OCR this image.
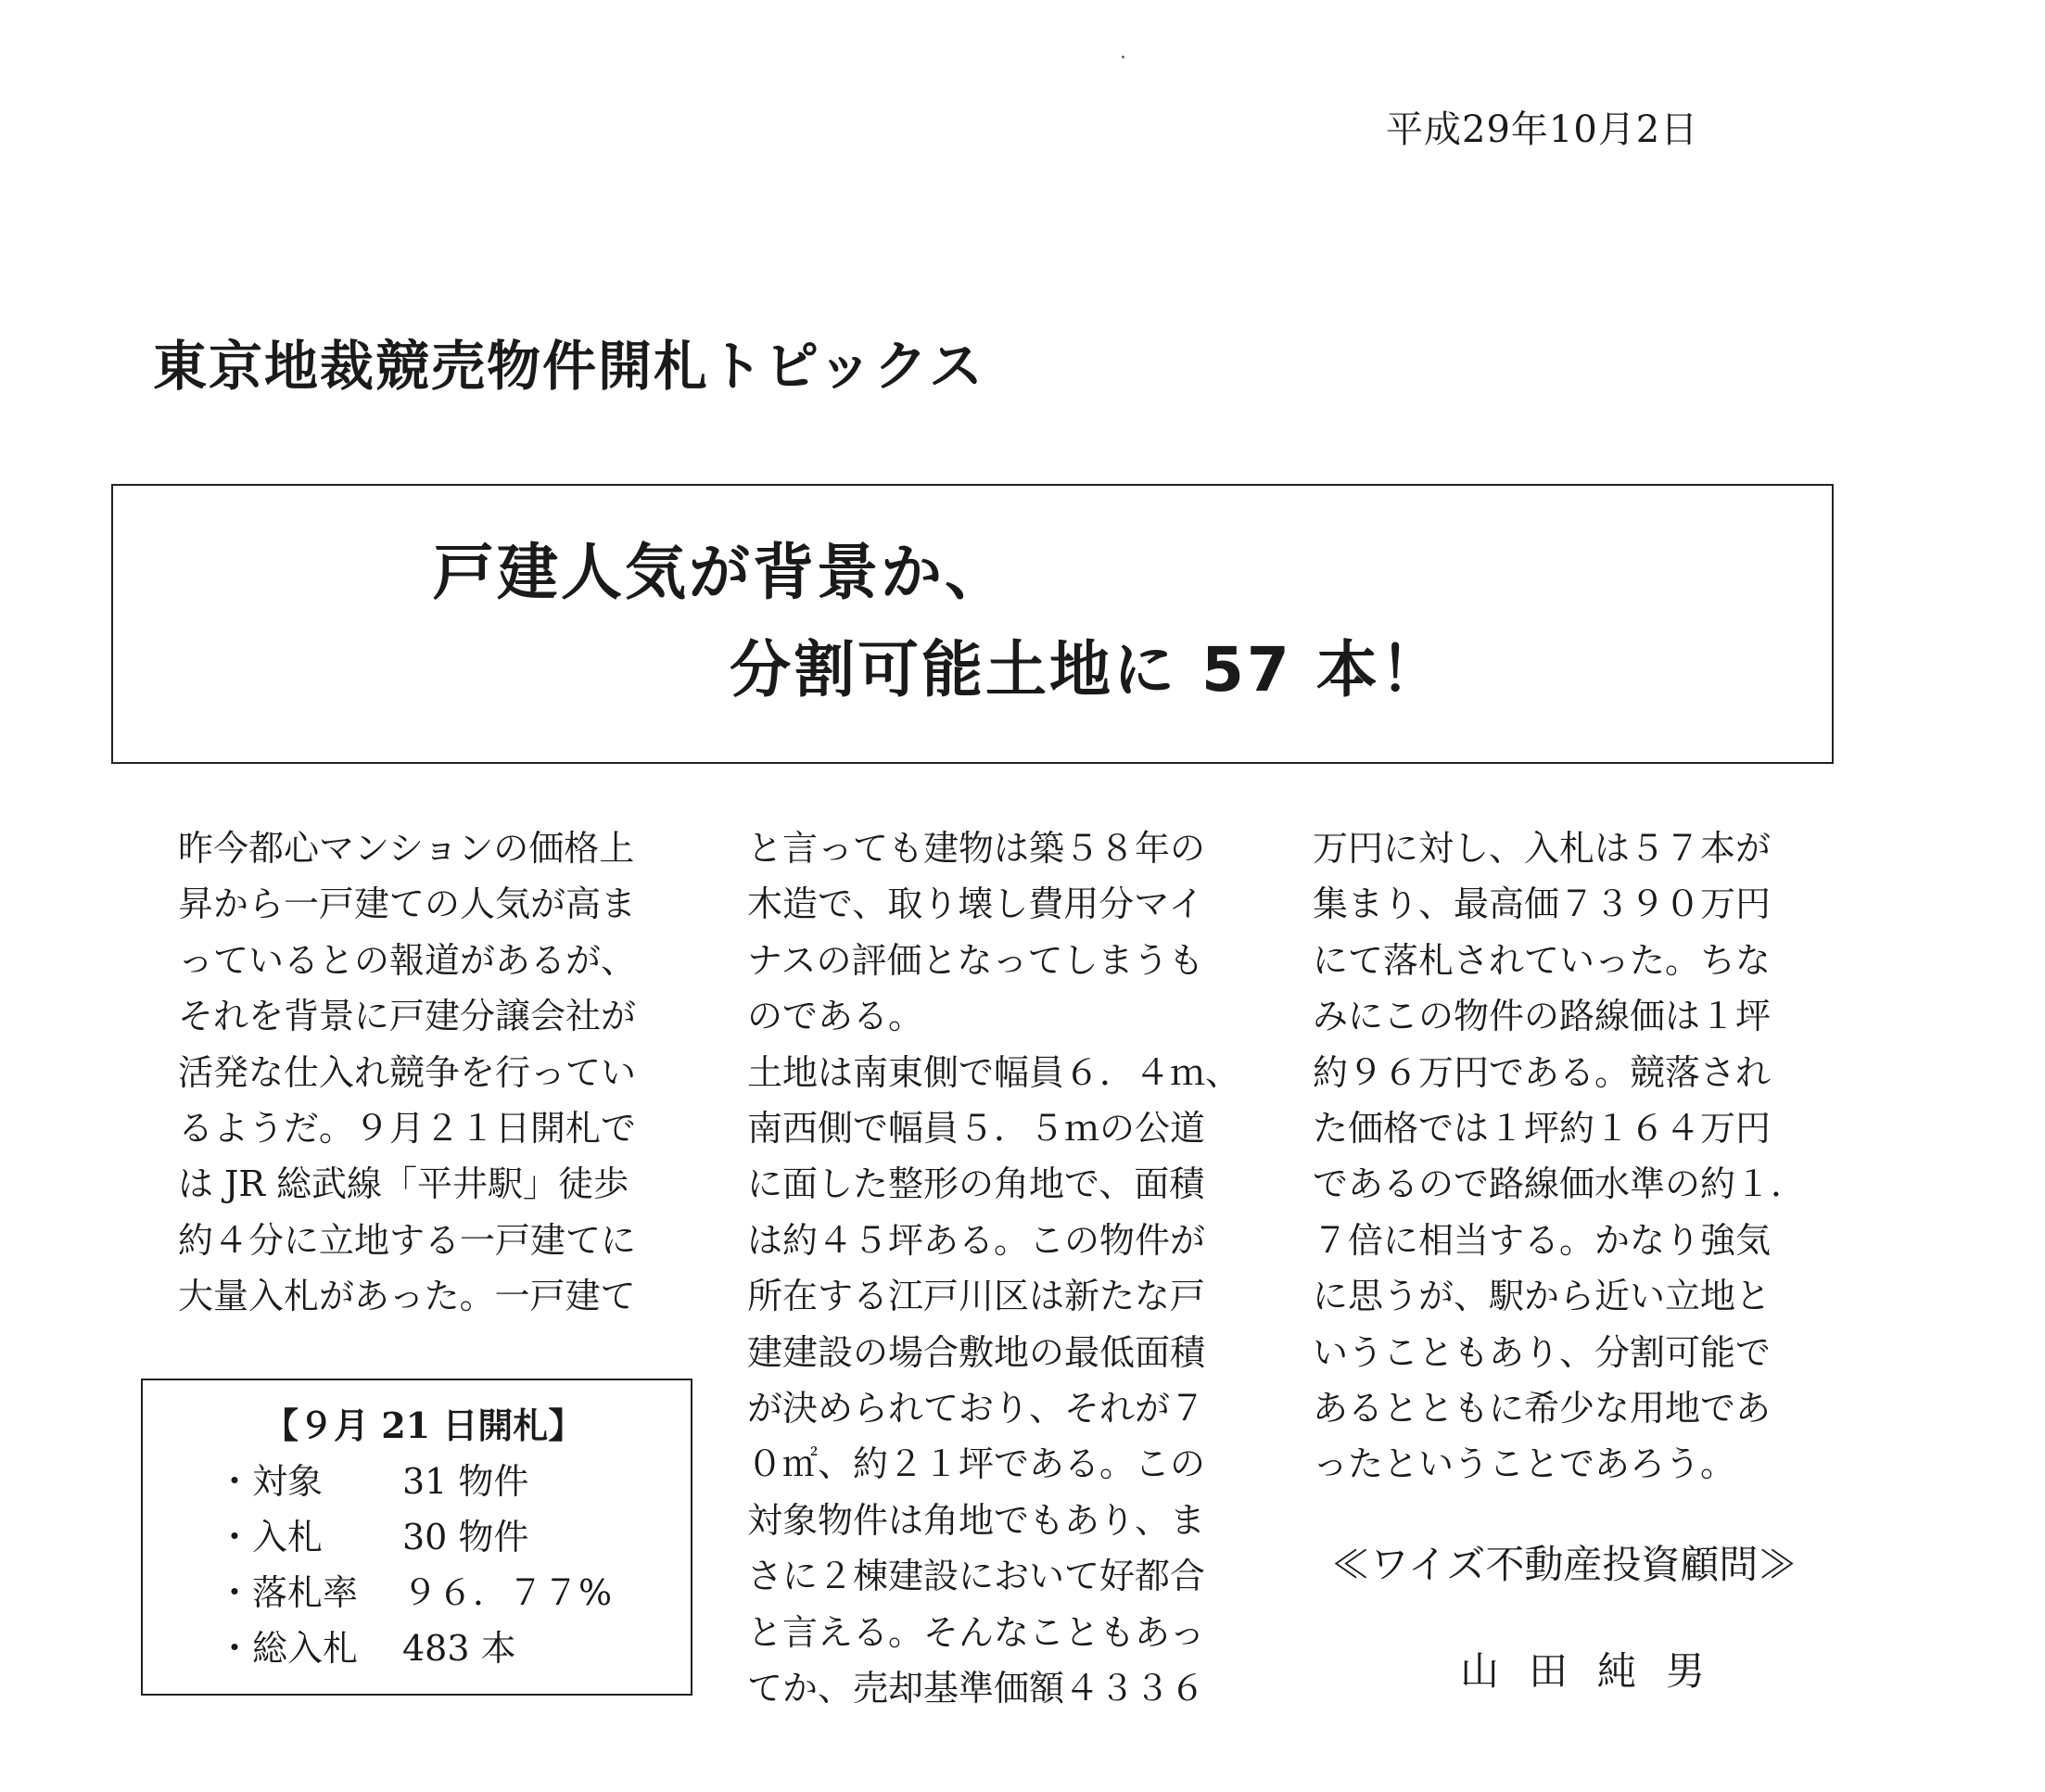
平成29年10月2日
東京地裁競売物件開札トピックス
戸建人気が背景か、
分割可能土地に 57 本！
昨今都心マンションの価格上
昇から一戸建ての人気が高ま
っているとの報道があるが、
それを背景に戸建分譲会社が
活発な仕入れ競争を行ってい
るようだ。９月２１日開札で
は JR 総武線「平井駅」徒歩
約４分に立地する一戸建てに
大量入札があった。一戸建て
と言っても建物は築５８年の
木造で、取り壊し費用分マイ
ナスの評価となってしまうも
のである。
土地は南東側で幅員６．４ｍ、
南西側で幅員５．５ｍの公道
に面した整形の角地で、面積
は約４５坪ある。この物件が
所在する江戸川区は新たな戸
建建設の場合敷地の最低面積
が決められており、それが７
０㎡、約２１坪である。この
対象物件は角地でもあり、ま
さに２棟建設において好都合
と言える。そんなこともあっ
てか、売却基準価額４３３６
万円に対し、入札は５７本が
集まり、最高価７３９０万円
にて落札されていった。ちな
みにこの物件の路線価は１坪
約９６万円である。競落され
た価格では１坪約１６４万円
であるので路線価水準の約１．
７倍に相当する。かなり強気
に思うが、駅から近い立地と
いうこともあり、分割可能で
あるとともに希少な用地であ
ったということであろう。
【９月 21 日開札】
・対象 31 物件
・入札 30 物件
・落札率 ９６．７７%
・総入札 483 本
≪ワイズ不動産投資顧問≫
山田純男
